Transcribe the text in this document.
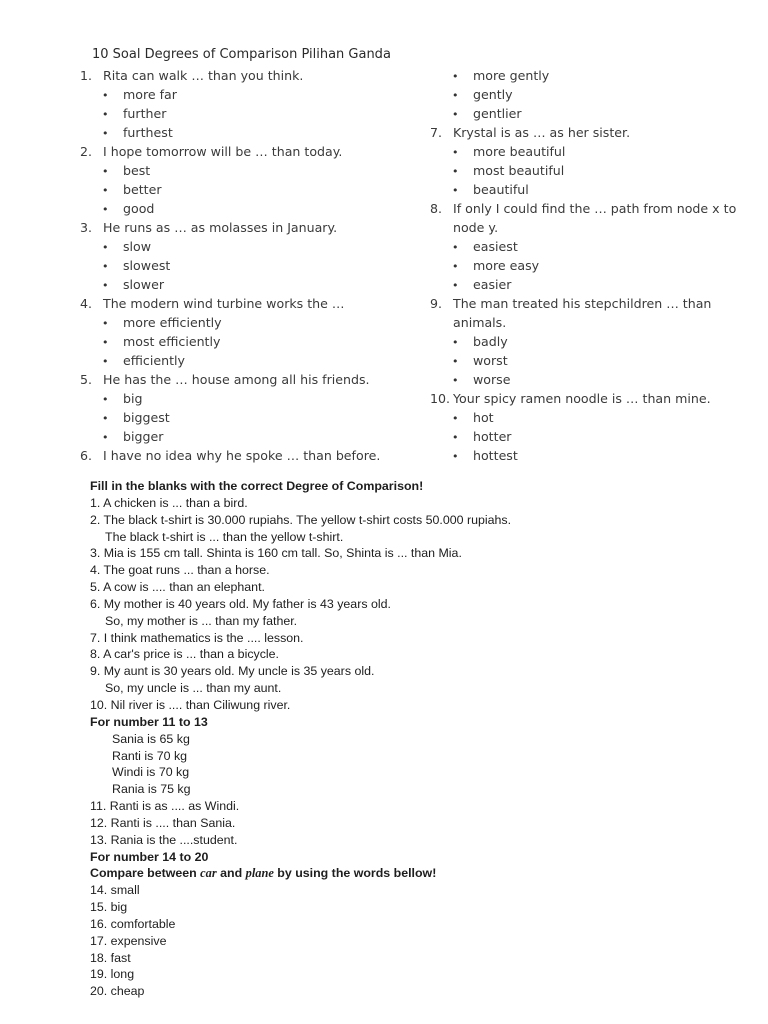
10 Soal Degrees of Comparison Pilihan Ganda
1. Rita can walk … than you think.
• more far
• further
• furthest
2. I hope tomorrow will be … than today.
• best
• better
• good
3. He runs as … as molasses in January.
• slow
• slowest
• slower
4. The modern wind turbine works the …
• more efficiently
• most efficiently
• efficiently
5. He has the … house among all his friends.
• big
• biggest
• bigger
6. I have no idea why he spoke … than before.
• more gently
• gently
• gentlier
7. Krystal is as … as her sister.
• more beautiful
• most beautiful
• beautiful
8. If only I could find the … path from node x to
node y.
• easiest
• more easy
• easier
9. The man treated his stepchildren … than
animals.
• badly
• worst
• worse
10. Your spicy ramen noodle is … than mine.
• hot
• hotter
• hottest
Fill in the blanks with the correct Degree of Comparison!
1. A chicken is ... than a bird.
2. The black t-shirt is 30.000 rupiahs. The yellow t-shirt costs 50.000 rupiahs.
The black t-shirt is ... than the yellow t-shirt.
3. Mia is 155 cm tall. Shinta is 160 cm tall. So, Shinta is ... than Mia.
4. The goat runs ... than a horse.
5. A cow is .... than an elephant.
6. My mother is 40 years old. My father is 43 years old.
So, my mother is ... than my father.
7. I think mathematics is the .... lesson.
8. A car's price is ... than a bicycle.
9. My aunt is 30 years old. My uncle is 35 years old.
So, my uncle is ... than my aunt.
10. Nil river is .... than Ciliwung river.
For number 11 to 13
Sania is 65 kg
Ranti is 70 kg
Windi is 70 kg
Rania is 75 kg
11. Ranti is as .... as Windi.
12. Ranti is .... than Sania.
13. Rania is the ....student.
For number 14 to 20
Compare between car and plane by using the words bellow!
14. small
15. big
16. comfortable
17. expensive
18. fast
19. long
20. cheap
